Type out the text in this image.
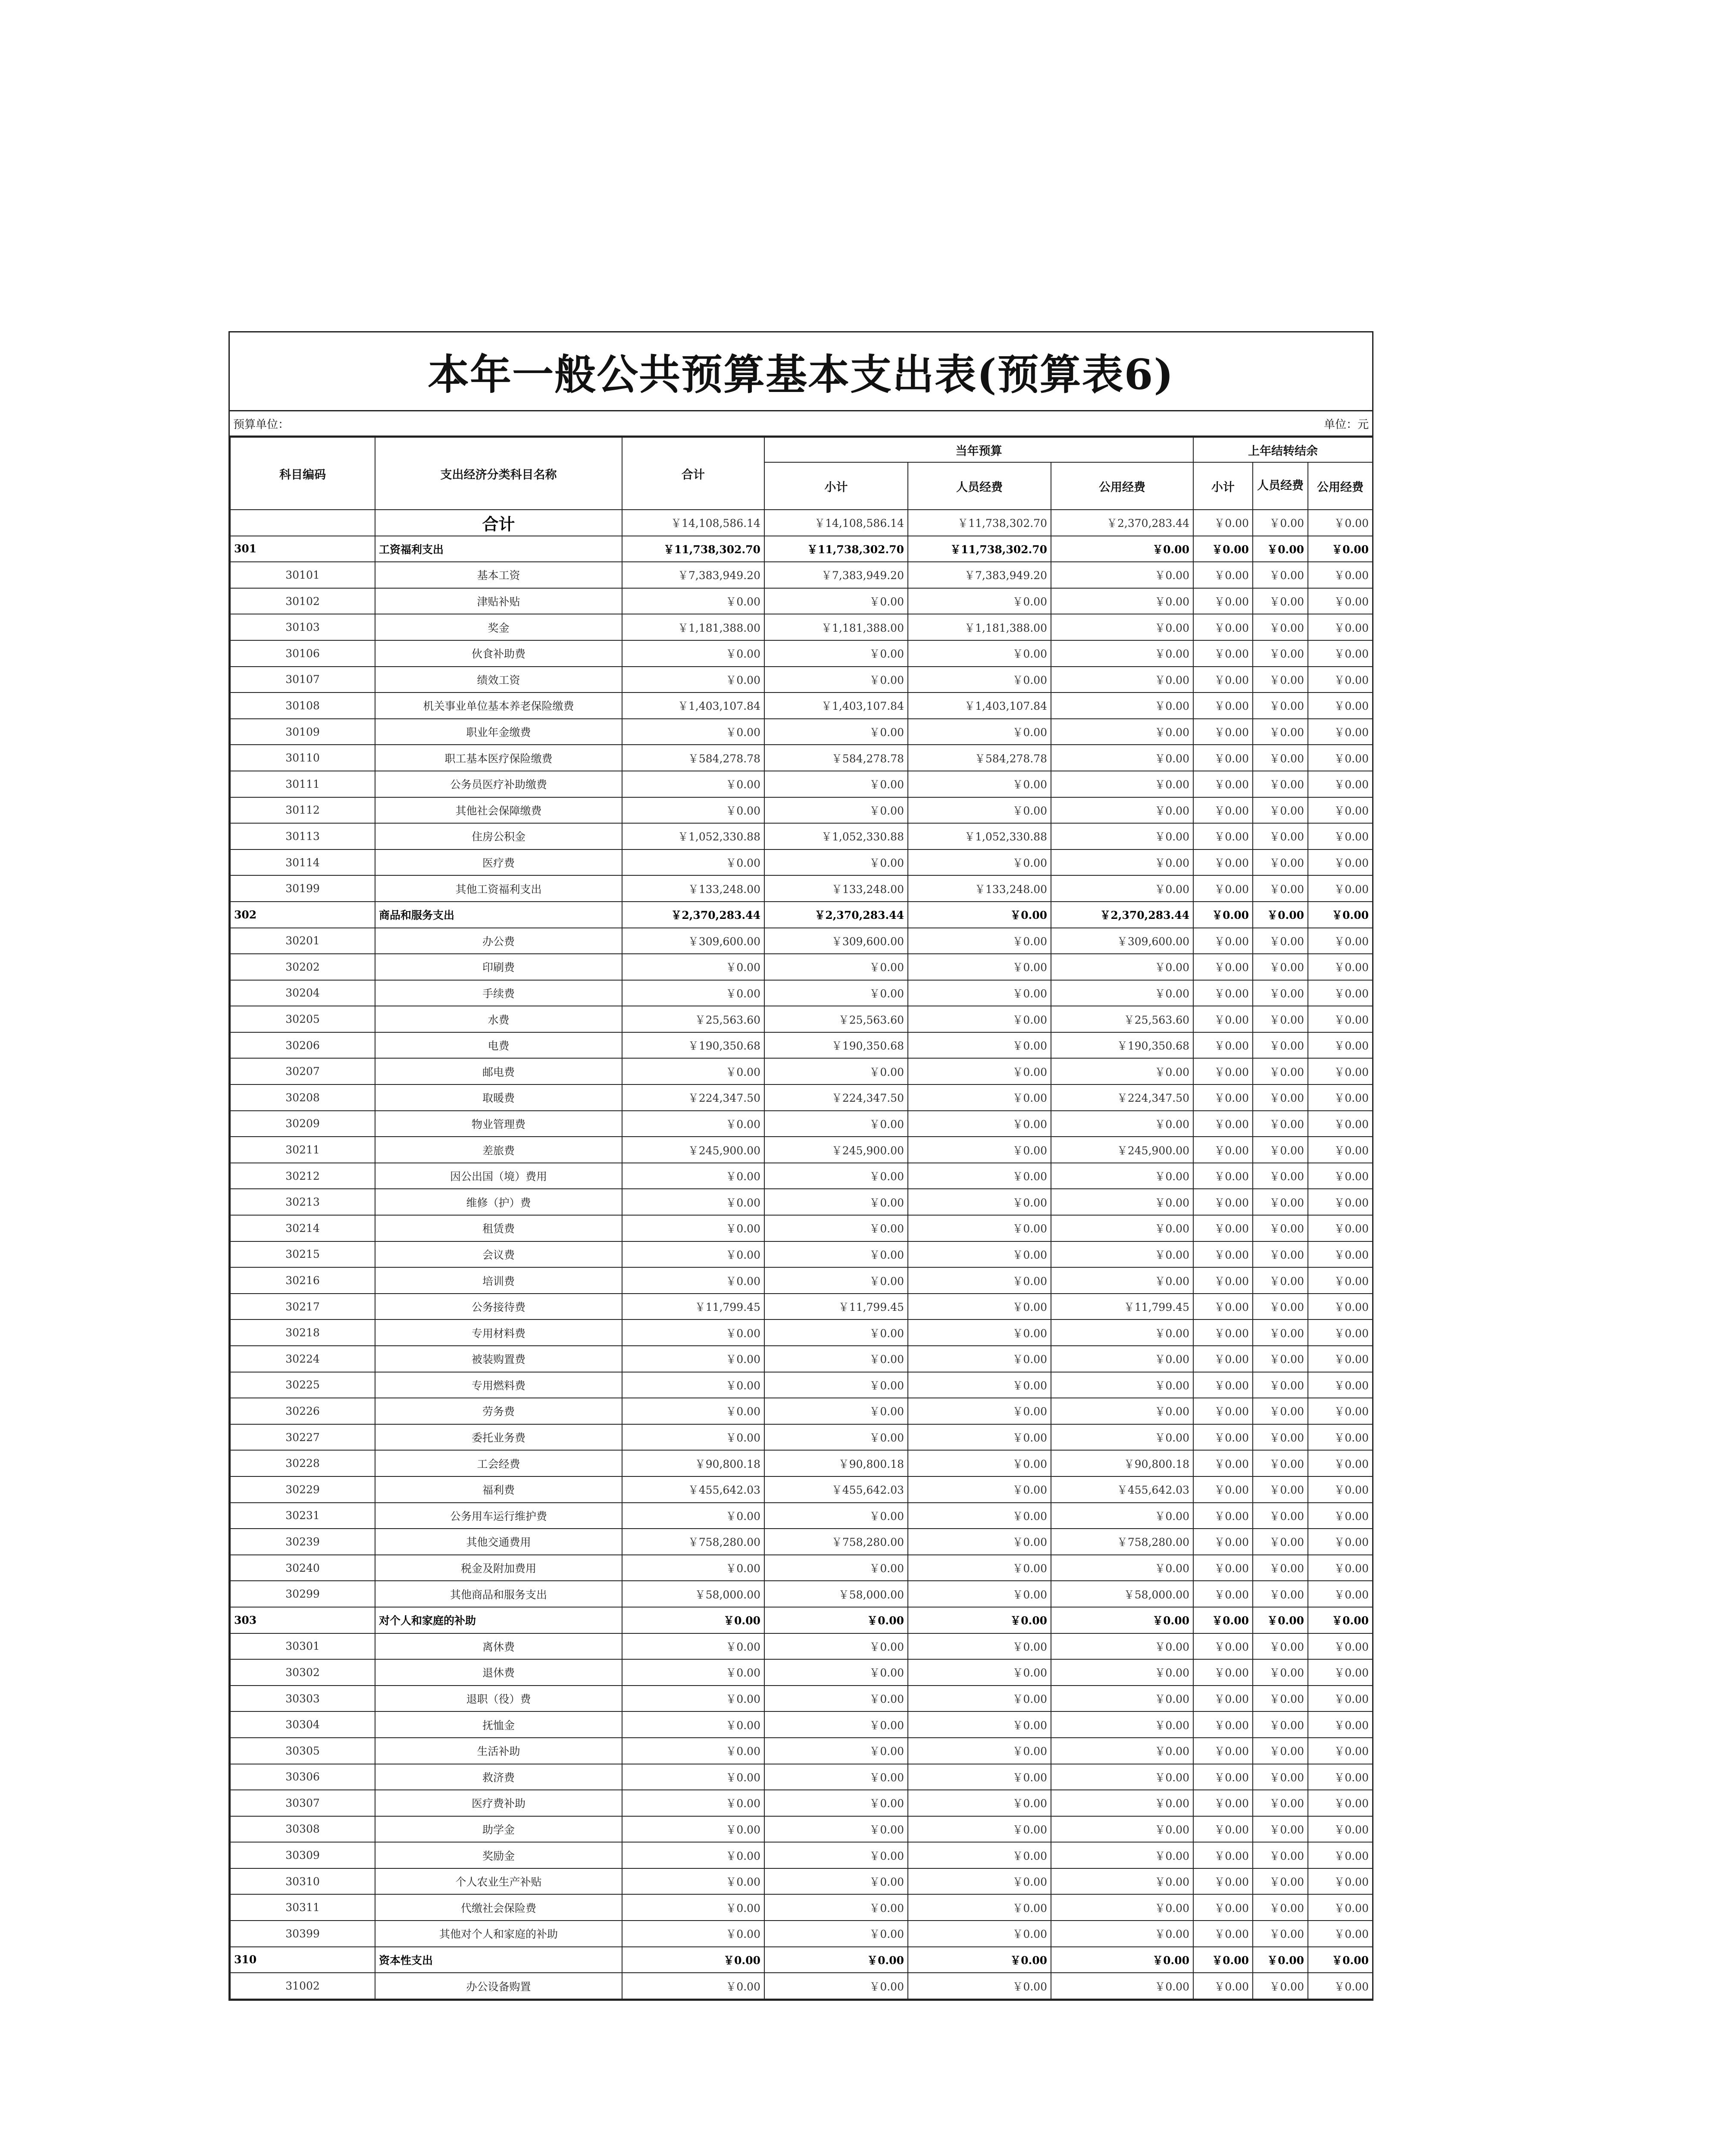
本年一般公共预算基本支出表(预算表6)
预算单位：	单位：元
科目编码	支出经济分类科目名称	合计	当年预算			上年结转结余		
			小计	人员经费	公用经费	小计	人员经费	公用经费
	合计	￥14,108,586.14	￥14,108,586.14	￥11,738,302.70	￥2,370,283.44	￥0.00	￥0.00	￥0.00
301	工资福利支出	￥11,738,302.70	￥11,738,302.70	￥11,738,302.70	￥0.00	￥0.00	￥0.00	￥0.00
30101	基本工资	￥7,383,949.20	￥7,383,949.20	￥7,383,949.20	￥0.00	￥0.00	￥0.00	￥0.00
30102	津贴补贴	￥0.00	￥0.00	￥0.00	￥0.00	￥0.00	￥0.00	￥0.00
30103	奖金	￥1,181,388.00	￥1,181,388.00	￥1,181,388.00	￥0.00	￥0.00	￥0.00	￥0.00
30106	伙食补助费	￥0.00	￥0.00	￥0.00	￥0.00	￥0.00	￥0.00	￥0.00
30107	绩效工资	￥0.00	￥0.00	￥0.00	￥0.00	￥0.00	￥0.00	￥0.00
30108	机关事业单位基本养老保险缴费	￥1,403,107.84	￥1,403,107.84	￥1,403,107.84	￥0.00	￥0.00	￥0.00	￥0.00
30109	职业年金缴费	￥0.00	￥0.00	￥0.00	￥0.00	￥0.00	￥0.00	￥0.00
30110	职工基本医疗保险缴费	￥584,278.78	￥584,278.78	￥584,278.78	￥0.00	￥0.00	￥0.00	￥0.00
30111	公务员医疗补助缴费	￥0.00	￥0.00	￥0.00	￥0.00	￥0.00	￥0.00	￥0.00
30112	其他社会保障缴费	￥0.00	￥0.00	￥0.00	￥0.00	￥0.00	￥0.00	￥0.00
30113	住房公积金	￥1,052,330.88	￥1,052,330.88	￥1,052,330.88	￥0.00	￥0.00	￥0.00	￥0.00
30114	医疗费	￥0.00	￥0.00	￥0.00	￥0.00	￥0.00	￥0.00	￥0.00
30199	其他工资福利支出	￥133,248.00	￥133,248.00	￥133,248.00	￥0.00	￥0.00	￥0.00	￥0.00
302	商品和服务支出	￥2,370,283.44	￥2,370,283.44	￥0.00	￥2,370,283.44	￥0.00	￥0.00	￥0.00
30201	办公费	￥309,600.00	￥309,600.00	￥0.00	￥309,600.00	￥0.00	￥0.00	￥0.00
30202	印刷费	￥0.00	￥0.00	￥0.00	￥0.00	￥0.00	￥0.00	￥0.00
30204	手续费	￥0.00	￥0.00	￥0.00	￥0.00	￥0.00	￥0.00	￥0.00
30205	水费	￥25,563.60	￥25,563.60	￥0.00	￥25,563.60	￥0.00	￥0.00	￥0.00
30206	电费	￥190,350.68	￥190,350.68	￥0.00	￥190,350.68	￥0.00	￥0.00	￥0.00
30207	邮电费	￥0.00	￥0.00	￥0.00	￥0.00	￥0.00	￥0.00	￥0.00
30208	取暖费	￥224,347.50	￥224,347.50	￥0.00	￥224,347.50	￥0.00	￥0.00	￥0.00
30209	物业管理费	￥0.00	￥0.00	￥0.00	￥0.00	￥0.00	￥0.00	￥0.00
30211	差旅费	￥245,900.00	￥245,900.00	￥0.00	￥245,900.00	￥0.00	￥0.00	￥0.00
30212	因公出国（境）费用	￥0.00	￥0.00	￥0.00	￥0.00	￥0.00	￥0.00	￥0.00
30213	维修（护）费	￥0.00	￥0.00	￥0.00	￥0.00	￥0.00	￥0.00	￥0.00
30214	租赁费	￥0.00	￥0.00	￥0.00	￥0.00	￥0.00	￥0.00	￥0.00
30215	会议费	￥0.00	￥0.00	￥0.00	￥0.00	￥0.00	￥0.00	￥0.00
30216	培训费	￥0.00	￥0.00	￥0.00	￥0.00	￥0.00	￥0.00	￥0.00
30217	公务接待费	￥11,799.45	￥11,799.45	￥0.00	￥11,799.45	￥0.00	￥0.00	￥0.00
30218	专用材料费	￥0.00	￥0.00	￥0.00	￥0.00	￥0.00	￥0.00	￥0.00
30224	被装购置费	￥0.00	￥0.00	￥0.00	￥0.00	￥0.00	￥0.00	￥0.00
30225	专用燃料费	￥0.00	￥0.00	￥0.00	￥0.00	￥0.00	￥0.00	￥0.00
30226	劳务费	￥0.00	￥0.00	￥0.00	￥0.00	￥0.00	￥0.00	￥0.00
30227	委托业务费	￥0.00	￥0.00	￥0.00	￥0.00	￥0.00	￥0.00	￥0.00
30228	工会经费	￥90,800.18	￥90,800.18	￥0.00	￥90,800.18	￥0.00	￥0.00	￥0.00
30229	福利费	￥455,642.03	￥455,642.03	￥0.00	￥455,642.03	￥0.00	￥0.00	￥0.00
30231	公务用车运行维护费	￥0.00	￥0.00	￥0.00	￥0.00	￥0.00	￥0.00	￥0.00
30239	其他交通费用	￥758,280.00	￥758,280.00	￥0.00	￥758,280.00	￥0.00	￥0.00	￥0.00
30240	税金及附加费用	￥0.00	￥0.00	￥0.00	￥0.00	￥0.00	￥0.00	￥0.00
30299	其他商品和服务支出	￥58,000.00	￥58,000.00	￥0.00	￥58,000.00	￥0.00	￥0.00	￥0.00
303	对个人和家庭的补助	￥0.00	￥0.00	￥0.00	￥0.00	￥0.00	￥0.00	￥0.00
30301	离休费	￥0.00	￥0.00	￥0.00	￥0.00	￥0.00	￥0.00	￥0.00
30302	退休费	￥0.00	￥0.00	￥0.00	￥0.00	￥0.00	￥0.00	￥0.00
30303	退职（役）费	￥0.00	￥0.00	￥0.00	￥0.00	￥0.00	￥0.00	￥0.00
30304	抚恤金	￥0.00	￥0.00	￥0.00	￥0.00	￥0.00	￥0.00	￥0.00
30305	生活补助	￥0.00	￥0.00	￥0.00	￥0.00	￥0.00	￥0.00	￥0.00
30306	救济费	￥0.00	￥0.00	￥0.00	￥0.00	￥0.00	￥0.00	￥0.00
30307	医疗费补助	￥0.00	￥0.00	￥0.00	￥0.00	￥0.00	￥0.00	￥0.00
30308	助学金	￥0.00	￥0.00	￥0.00	￥0.00	￥0.00	￥0.00	￥0.00
30309	奖励金	￥0.00	￥0.00	￥0.00	￥0.00	￥0.00	￥0.00	￥0.00
30310	个人农业生产补贴	￥0.00	￥0.00	￥0.00	￥0.00	￥0.00	￥0.00	￥0.00
30311	代缴社会保险费	￥0.00	￥0.00	￥0.00	￥0.00	￥0.00	￥0.00	￥0.00
30399	其他对个人和家庭的补助	￥0.00	￥0.00	￥0.00	￥0.00	￥0.00	￥0.00	￥0.00
310	资本性支出	￥0.00	￥0.00	￥0.00	￥0.00	￥0.00	￥0.00	￥0.00
31002	办公设备购置	￥0.00	￥0.00	￥0.00	￥0.00	￥0.00	￥0.00	￥0.00
